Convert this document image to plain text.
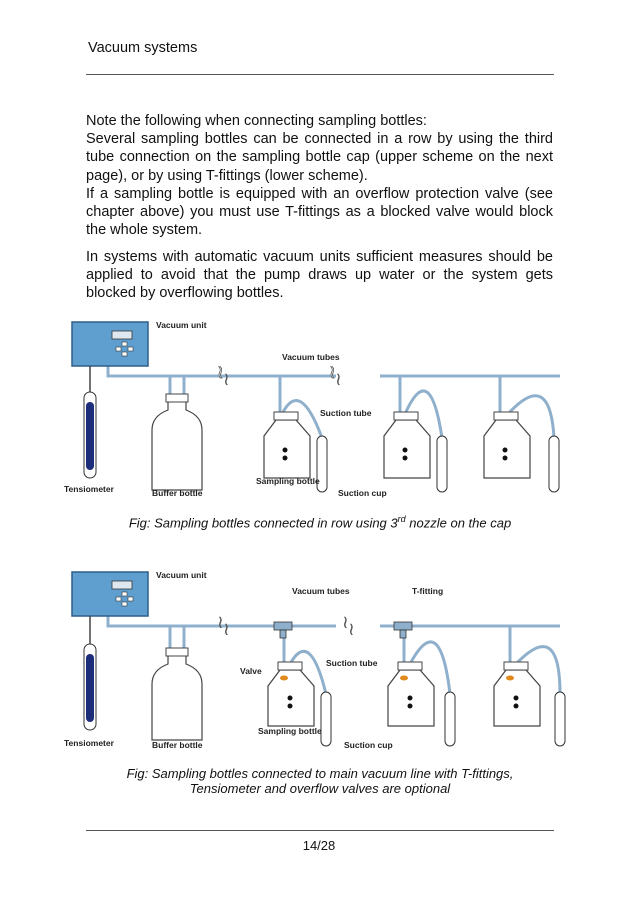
Vacuum systems

Note the following when connecting sampling bottles:

Several sampling bottles can be connected in a row by using the third tube connection on the sampling bottle cap (upper scheme on the next page), or by using T-fittings (lower scheme).

If a sampling bottle is equipped with an overflow protection valve (see chapter above) you must use T-fittings as a blocked valve would block the whole system.

In systems with automatic vacuum units sufficient measures should be applied to avoid that the pump draws up water or the system gets blocked by overflowing bottles.
≀	≀
≀	≀
Vacuum unit
Tensiometer	Buffer bottle
Vacuum tubes
Suction tube
Sampling bottle
Suction cup
Fig: Sampling bottles connected in row using 3rd nozzle on the cap
≀ ≀	≀ ≀
Vacuum unit
Tensiometer	Buffer bottle
Vacuum tubes	T-fitting
Valve
Suction tube
Sampling bottle
Suction cup
Fig: Sampling bottles connected to main vacuum line with T-fittings,
Tensiometer and overflow valves are optional
14/28
